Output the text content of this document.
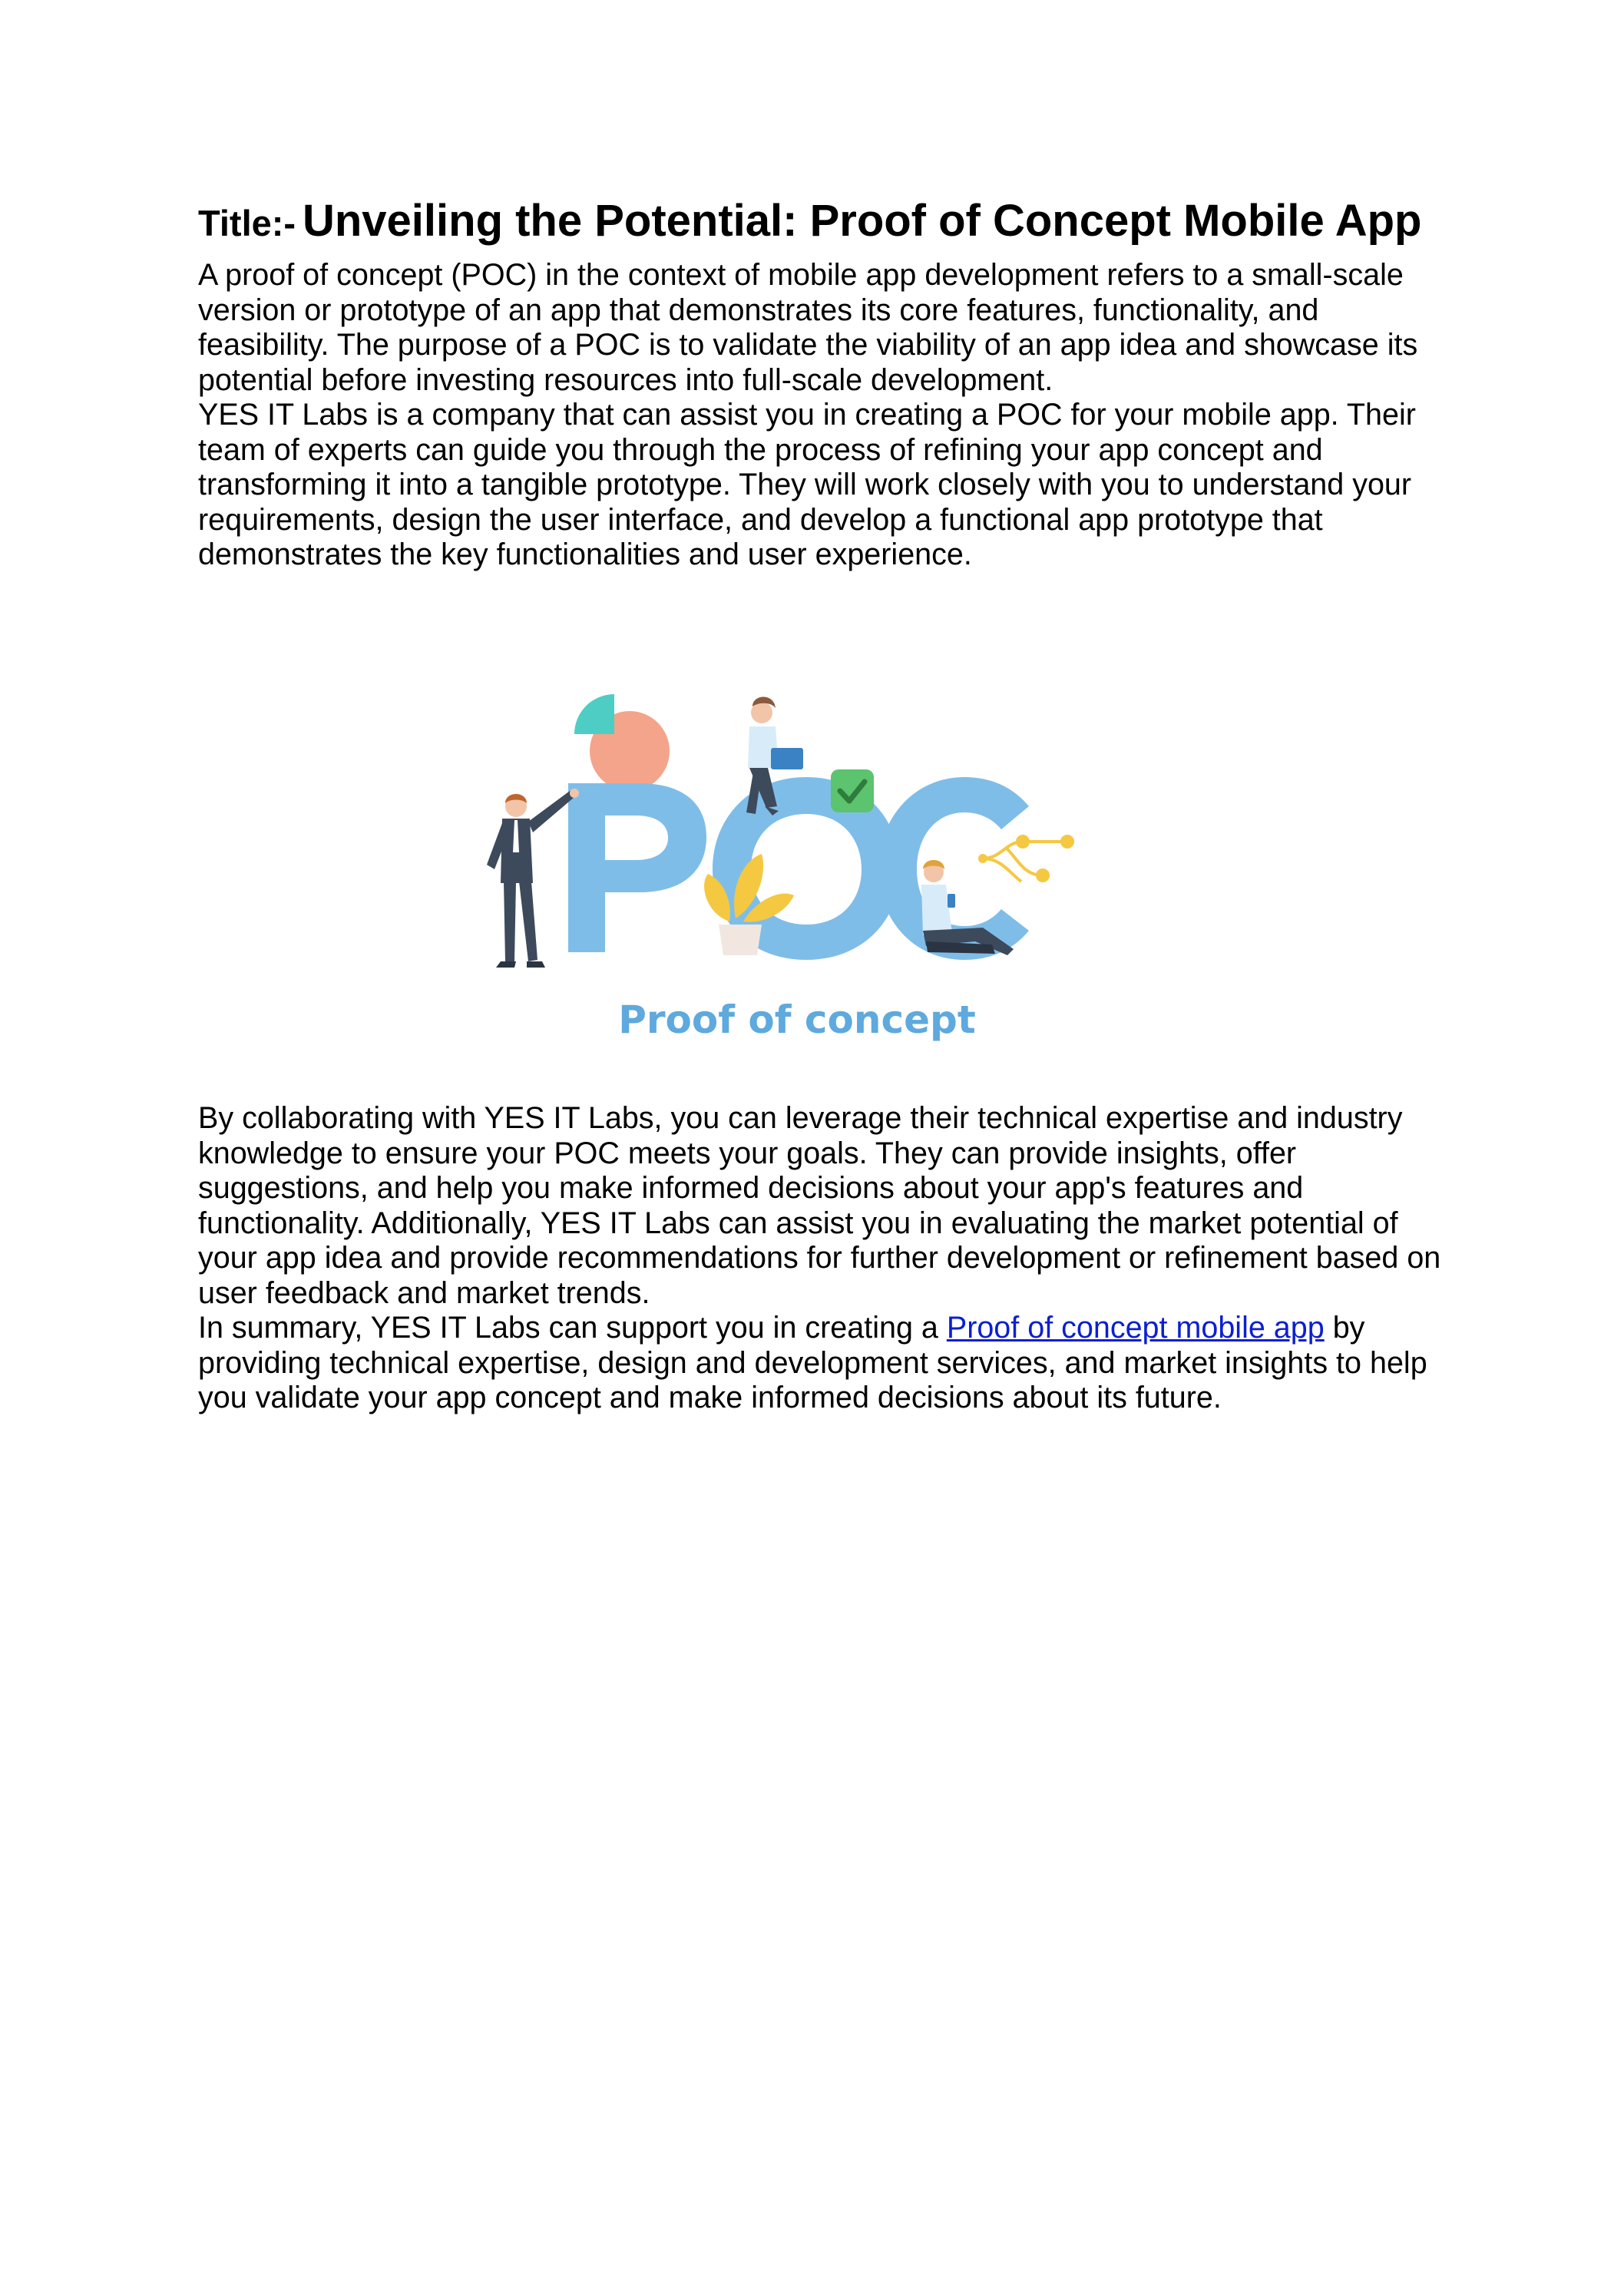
Title:- Unveiling the Potential: Proof of Concept Mobile App

A proof of concept (POC) in the context of mobile app development refers to a small-scale version or prototype of an app that demonstrates its core features, functionality, and feasibility. The purpose of a POC is to validate the viability of an app idea and showcase its potential before investing resources into full-scale development.

YES IT Labs is a company that can assist you in creating a POC for your mobile app. Their team of experts can guide you through the process of refining your app concept and transforming it into a tangible prototype. They will work closely with you to understand your requirements, design the user interface, and develop a functional app prototype that demonstrates the key functionalities and user experience.

Proof of concept

By collaborating with YES IT Labs, you can leverage their technical expertise and industry knowledge to ensure your POC meets your goals. They can provide insights, offer suggestions, and help you make informed decisions about your app's features and functionality. Additionally, YES IT Labs can assist you in evaluating the market potential of your app idea and provide recommendations for further development or refinement based on user feedback and market trends.

In summary, YES IT Labs can support you in creating a Proof of concept mobile app by providing technical expertise, design and development services, and market insights to help you validate your app concept and make informed decisions about its future.
